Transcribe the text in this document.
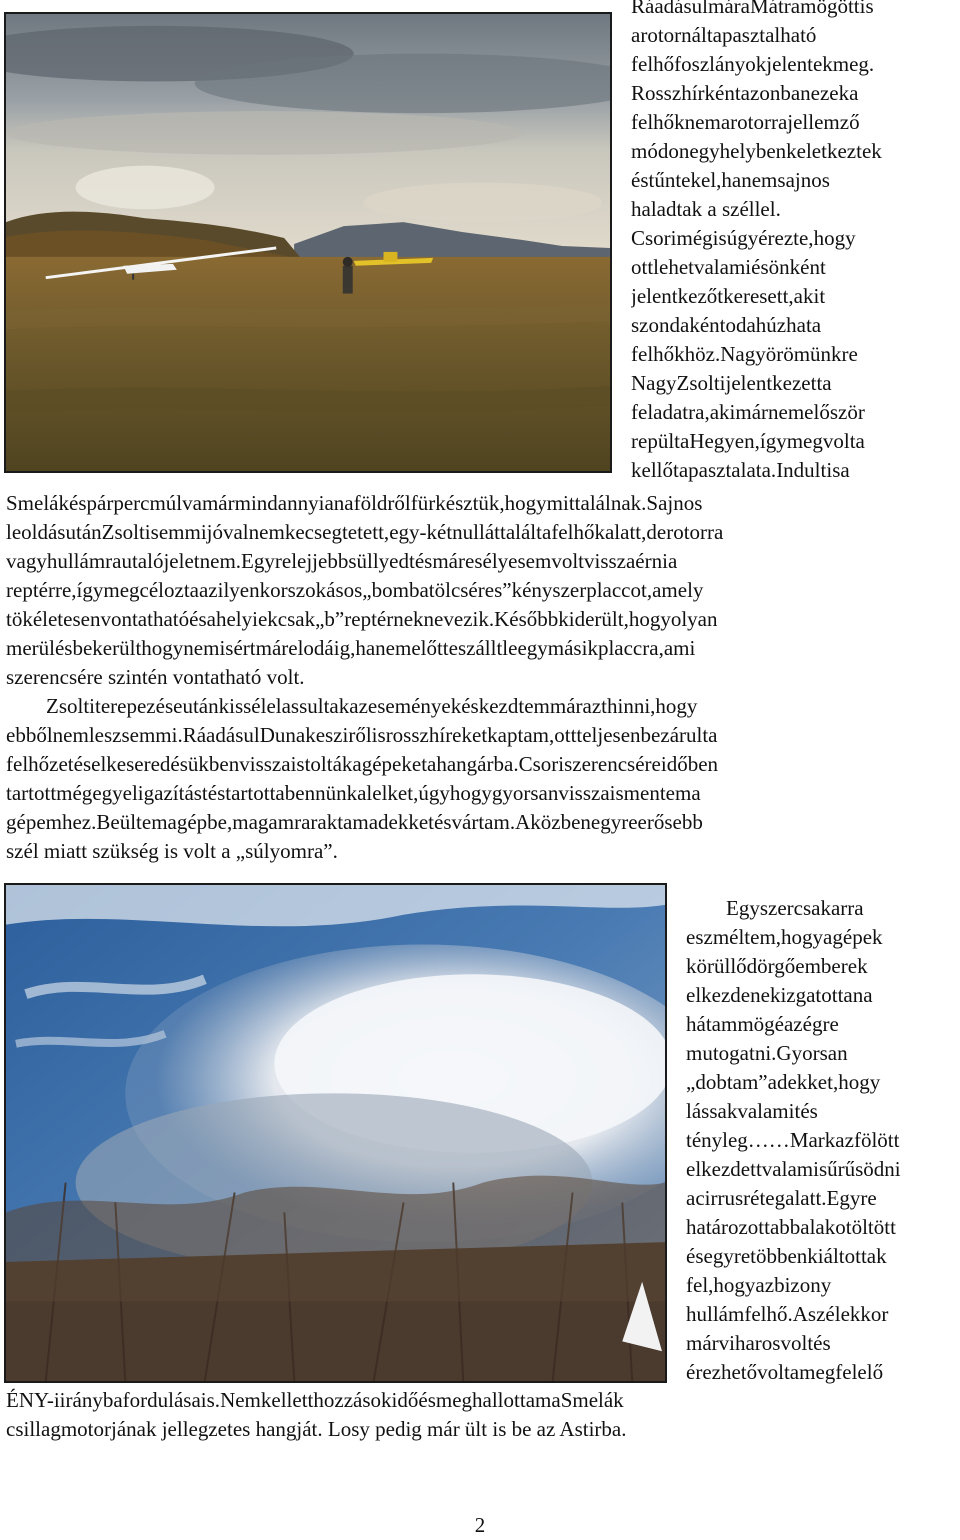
RáadásulmáraMátramögöttis
arotornáltapasztalható
felhőfoszlányokjelentekmeg.
Rosszhírkéntazonbanezeka
felhőknemarotorrajellemző
módonegyhelybenkeletkeztek
éstűntekel,hanemsajnos
haladtak a széllel.
Csorimégisúgyérezte,hogy
ottlehetvalamiésönként
jelentkezőtkeresett,akit
szondakéntodahúzhata
felhőkhöz.Nagyörömünkre
NagyZsoltijelentkezetta
feladatra,akimárnemelőször
repültaHegyen,ígymegvolta
kellőtapasztalata.Indultisa
Smelákéspárpercmúlvamármindannyianaföldrőlfürkésztük,hogymittalálnak.Sajnos
leoldásutánZsoltisemmijóvalnemkecsegtetett,egy-kétnulláttaláltafelhőkalatt,derotorra
vagyhullámrautalójeletnem.Egyrelejjebbsüllyedtésmáresélyesemvoltvisszaérnia
reptérre,ígymegcéloztaazilyenkorszokásos„bombatölcséres”kényszerplaccot,amely
tökéletesenvontathatóésahelyiekcsak„b”reptérneknevezik.Későbbkiderült,hogyolyan
merülésbekerülthogynemisértmárelodáig,hanemelőtteszálltleegymásikplaccra,ami
szerencsére szintén vontatható volt.
Zsoltiterepezéseutánkissélelassultakazeseményekéskezdtemmárazthinni,hogy
ebbőlnemleszsemmi.RáadásulDunakeszirőlisrosszhíreketkaptam,ottteljesenbezárulta
felhőzetéselkeseredésükbenvisszaistoltákagépeketahangárba.Csoriszerencséreidőben
tartottmégegyeligazítástéstartottabennünkalelket,úgyhogygyorsanvisszaismentema
gépemhez.Beültemagépbe,magamraraktamadekketésvártam.Aközbenegyreerősebb
szél miatt szükség is volt a „súlyomra”.
Egyszercsakarra
eszméltem,hogyagépek
körüllődörgőemberek
elkezdenekizgatottana
hátammögéazégre
mutogatni.Gyorsan
„dobtam”adekket,hogy
lássakvalamités
tényleg……Markazfölött
elkezdettvalamisűrűsödni
acirrusrétegalatt.Egyre
határozottabbalakotöltött
ésegyretöbbenkiáltottak
fel,hogyazbizony
hullámfelhő.Aszélekkor
márviharosvoltés
érezhetővoltamegfelelő
ÉNY-iiránybafordulásais.NemkelletthozzásokidőésmeghallottamaSmelák
csillagmotorjának jellegzetes hangját. Losy pedig már ült is be az Astirba.
2
